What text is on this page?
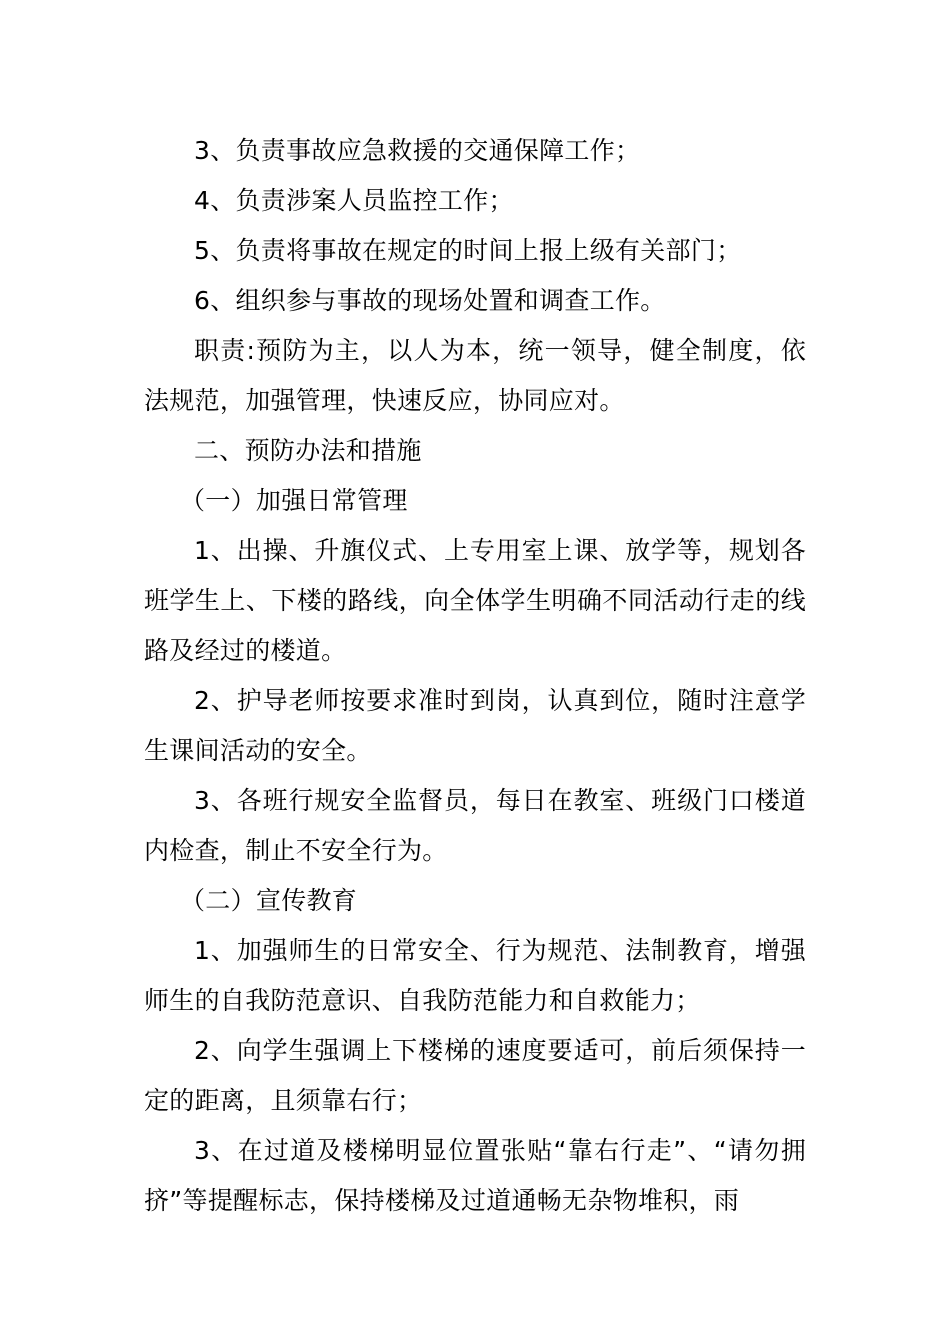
3、负责事故应急救援的交通保障工作；

4、负责涉案人员监控工作；

5、负责将事故在规定的时间上报上级有关部门；

6、组织参与事故的现场处置和调查工作。

职责:预防为主，以人为本，统一领导，健全制度，依法规范，加强管理，快速反应，协同应对。

二、预防办法和措施

（一）加强日常管理

1、出操、升旗仪式、上专用室上课、放学等，规划各班学生上、下楼的路线，向全体学生明确不同活动行走的线路及经过的楼道。

2、护导老师按要求准时到岗，认真到位，随时注意学生课间活动的安全。

3、各班行规安全监督员，每日在教室、班级门口楼道内检查，制止不安全行为。

（二）宣传教育

1、加强师生的日常安全、行为规范、法制教育，增强师生的自我防范意识、自我防范能力和自救能力；

2、向学生强调上下楼梯的速度要适可，前后须保持一定的距离，且须靠右行；

3、在过道及楼梯明显位置张贴“靠右行走”、“请勿拥挤”等提醒标志，保持楼梯及过道通畅无杂物堆积，雨
